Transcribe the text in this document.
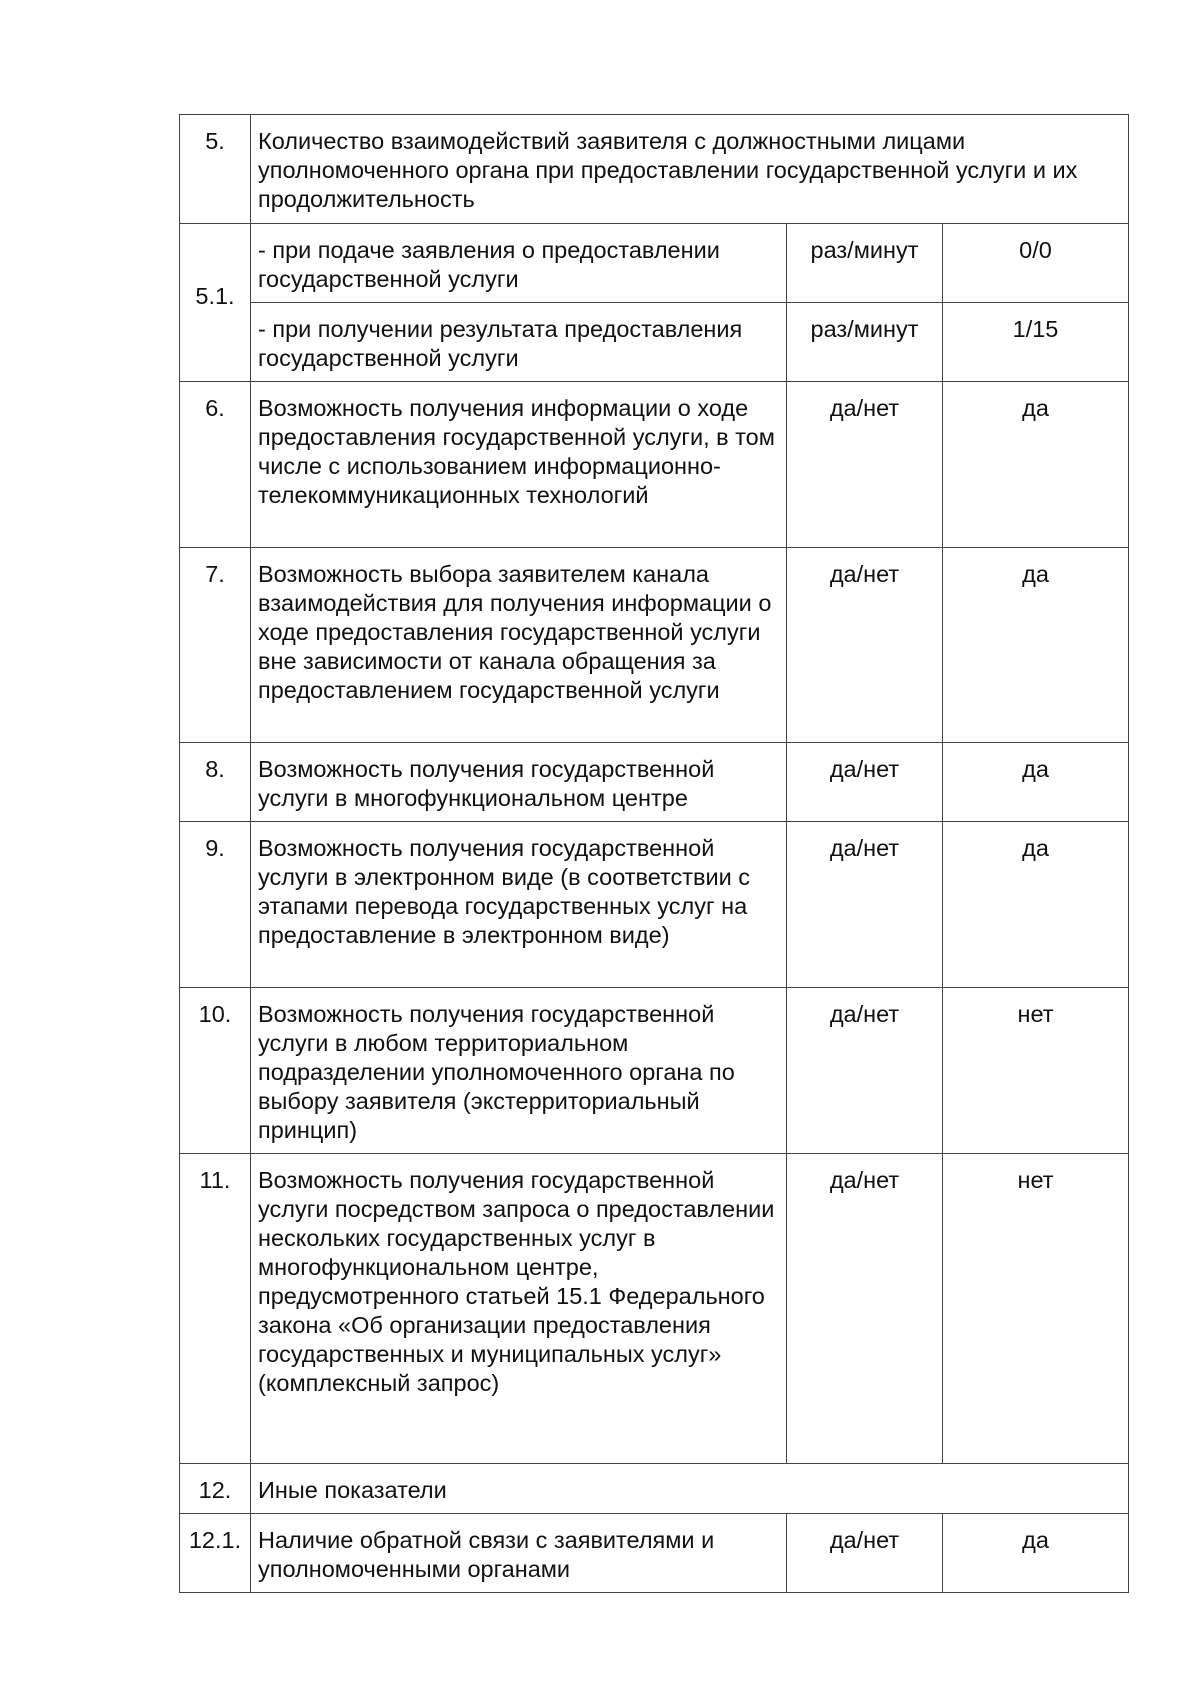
5.	Количество взаимодействий заявителя с должностными лицами уполномоченного органа при предоставлении государственной услуги и их продолжительность		
5.1.	- при подаче заявления о предоставлении государственной услуги	раз/минут	0/0
	- при получении результата предоставления государственной услуги	раз/минут	1/15
6.	Возможность получения информации о ходе предоставления государственной услуги, в том числе с использованием информационно-телекоммуникационных технологий	да/нет	да
7.	Возможность выбора заявителем канала взаимодействия для получения информации о ходе предоставления государственной услуги вне зависимости от канала обращения за предоставлением государственной услуги	да/нет	да
8.	Возможность получения государственной услуги в многофункциональном центре	да/нет	да
9.	Возможность получения государственной услуги в электронном виде (в соответствии с этапами перевода государственных услуг на предоставление в электронном виде)	да/нет	да
10.	Возможность получения государственной услуги в любом территориальном подразделении уполномоченного органа по выбору заявителя (экстерриториальный принцип)	да/нет	нет
11.	Возможность получения государственной услуги посредством запроса о предоставлении нескольких государственных услуг в многофункциональном центре, предусмотренного статьей 15.1 Федерального закона «Об организации предоставления государственных и муниципальных услуг» (комплексный запрос)	да/нет	нет
12.	Иные показатели		
12.1.	Наличие обратной связи с заявителями и уполномоченными органами	да/нет	да
